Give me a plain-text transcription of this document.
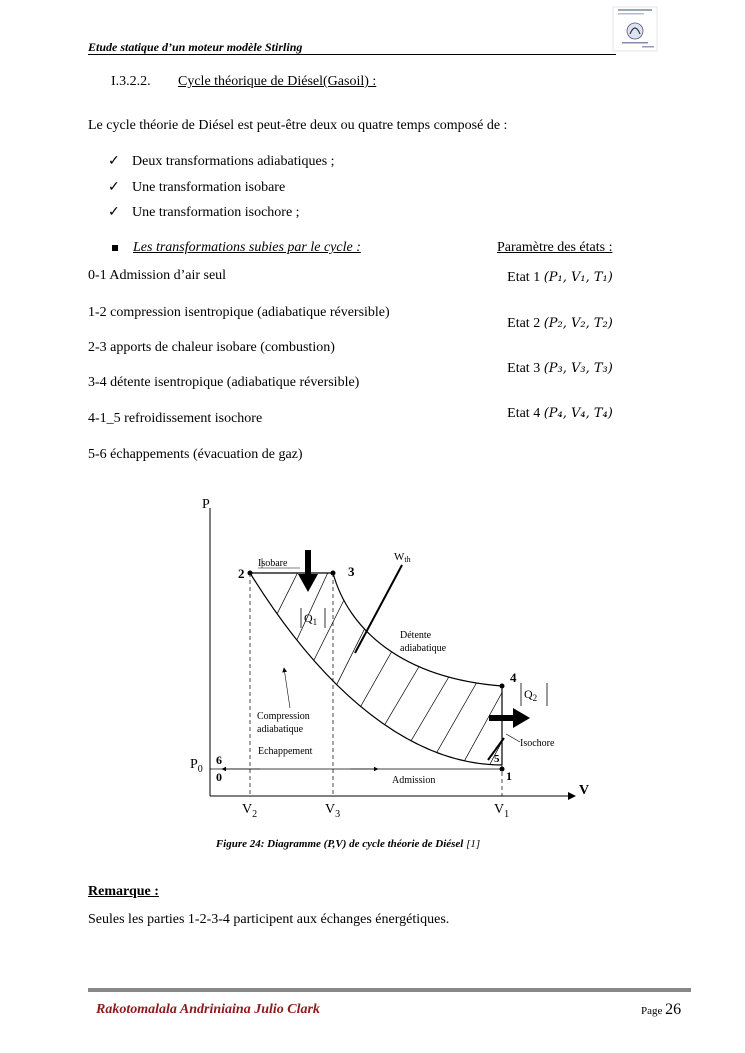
Etude statique d’un moteur modèle Stirling
I.3.2.2. Cycle théorique de Diésel(Gasoil) :
Le cycle théorie de Diésel est peut-être deux ou quatre temps composé de :
✓ Deux transformations adiabatiques ;
✓ Une transformation isobare
✓ Une transformation isochore ;
Les transformations subies par le cycle :	Paramètre des états :
0-1 Admission d’air seul
1-2 compression isentropique (adiabatique réversible)
2-3 apports de chaleur isobare (combustion)
3-4 détente isentropique (adiabatique réversible)
4-1_5 refroidissement isochore
5-6 échappements (évacuation de gaz)
Etat 1 (P₁, V₁, T₁)
Etat 2 (P₂, V₂, T₂)
Etat 3 (P₃, V₃, T₃)
Etat 4 (P₄, V₄, T₄)
P
V
2	3
4
6
0
5
1
$P_0$
$V_2$	$V_3$	$V_1$
Isobare
$Q_1$
Wth
Détente
adiabatique
$Q_2$
Compression
adiabatique
Echappement
Isochore
Admission
Figure 24: Diagramme (P,V) de cycle théorie de Diésel [1]
Remarque :
Seules les parties 1-2-3-4 participent aux échanges énergétiques.
Rakotomalala Andriniaina Julio Clark	Page 26
